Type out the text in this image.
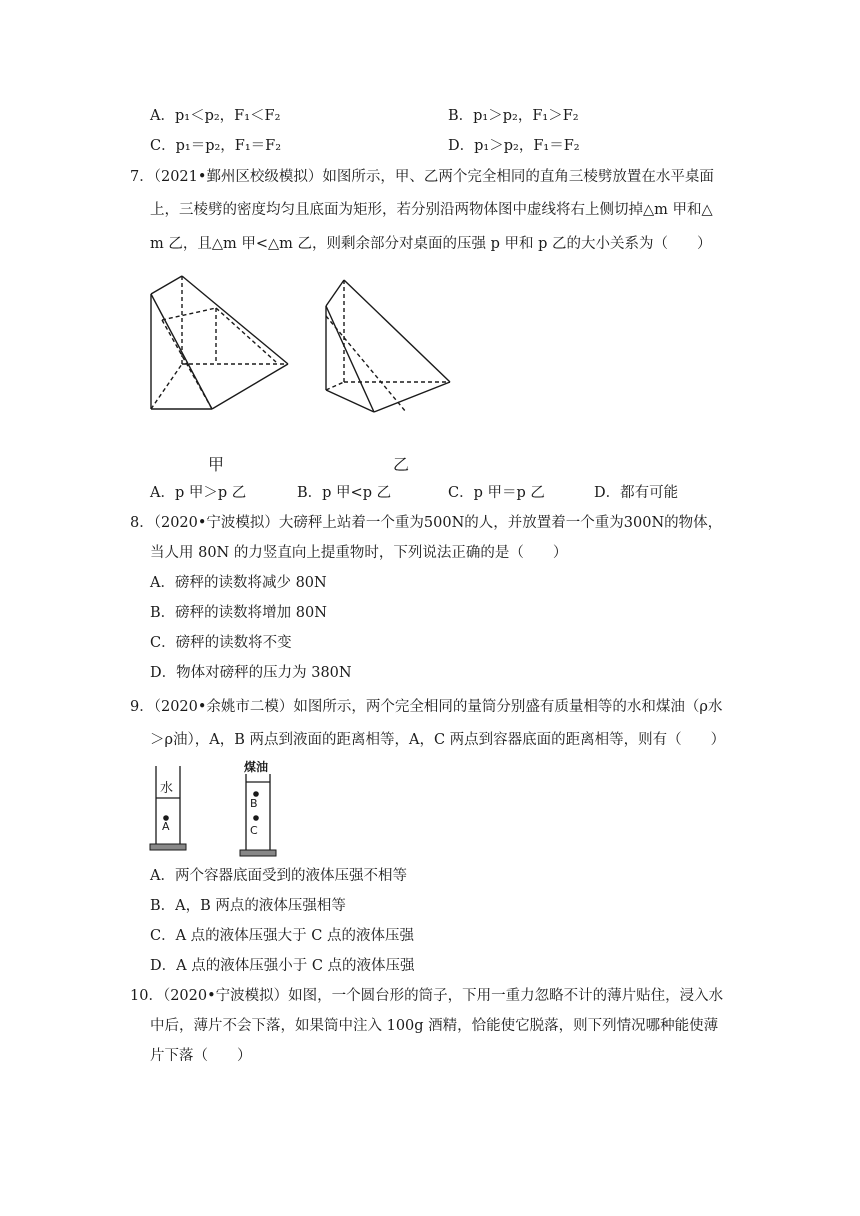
A．p₁＜p₂，F₁＜F₂	B．p₁＞p₂，F₁＞F₂
C．p₁＝p₂，F₁＝F₂	D．p₁＞p₂，F₁＝F₂
7．（2021•鄞州区校级模拟）如图所示，甲、乙两个完全相同的直角三棱劈放置在水平桌面
上，三棱劈的密度均匀且底面为矩形，若分别沿两物体图中虚线将右上侧切掉△m 甲和△
m 乙，且△m 甲<△m 乙，则剩余部分对桌面的压强 p 甲和 p 乙的大小关系为（　　）
甲	乙
A．p 甲＞p 乙	B．p 甲<p 乙	C．p 甲＝p 乙	D．都有可能
8．（2020•宁波模拟）大磅秤上站着一个重为500N的人，并放置着一个重为300N的物体，
当人用 80N 的力竖直向上提重物时，下列说法正确的是（　　）
A．磅秤的读数将减少 80N
B．磅秤的读数将增加 80N
C．磅秤的读数将不变
D．物体对磅秤的压力为 380N
9．（2020•余姚市二模）如图所示，两个完全相同的量筒分别盛有质量相等的水和煤油（ρ水
＞ρ油），A，B 两点到液面的距离相等，A，C 两点到容器底面的距离相等，则有（　　）
水
煤油
A
B
C
A．两个容器底面受到的液体压强不相等
B．A，B 两点的液体压强相等
C．A 点的液体压强大于 C 点的液体压强
D．A 点的液体压强小于 C 点的液体压强
10．（2020•宁波模拟）如图，一个圆台形的筒子，下用一重力忽略不计的薄片贴住，浸入水
中后，薄片不会下落，如果筒中注入 100g 酒精，恰能使它脱落，则下列情况哪种能使薄
片下落（　　）
